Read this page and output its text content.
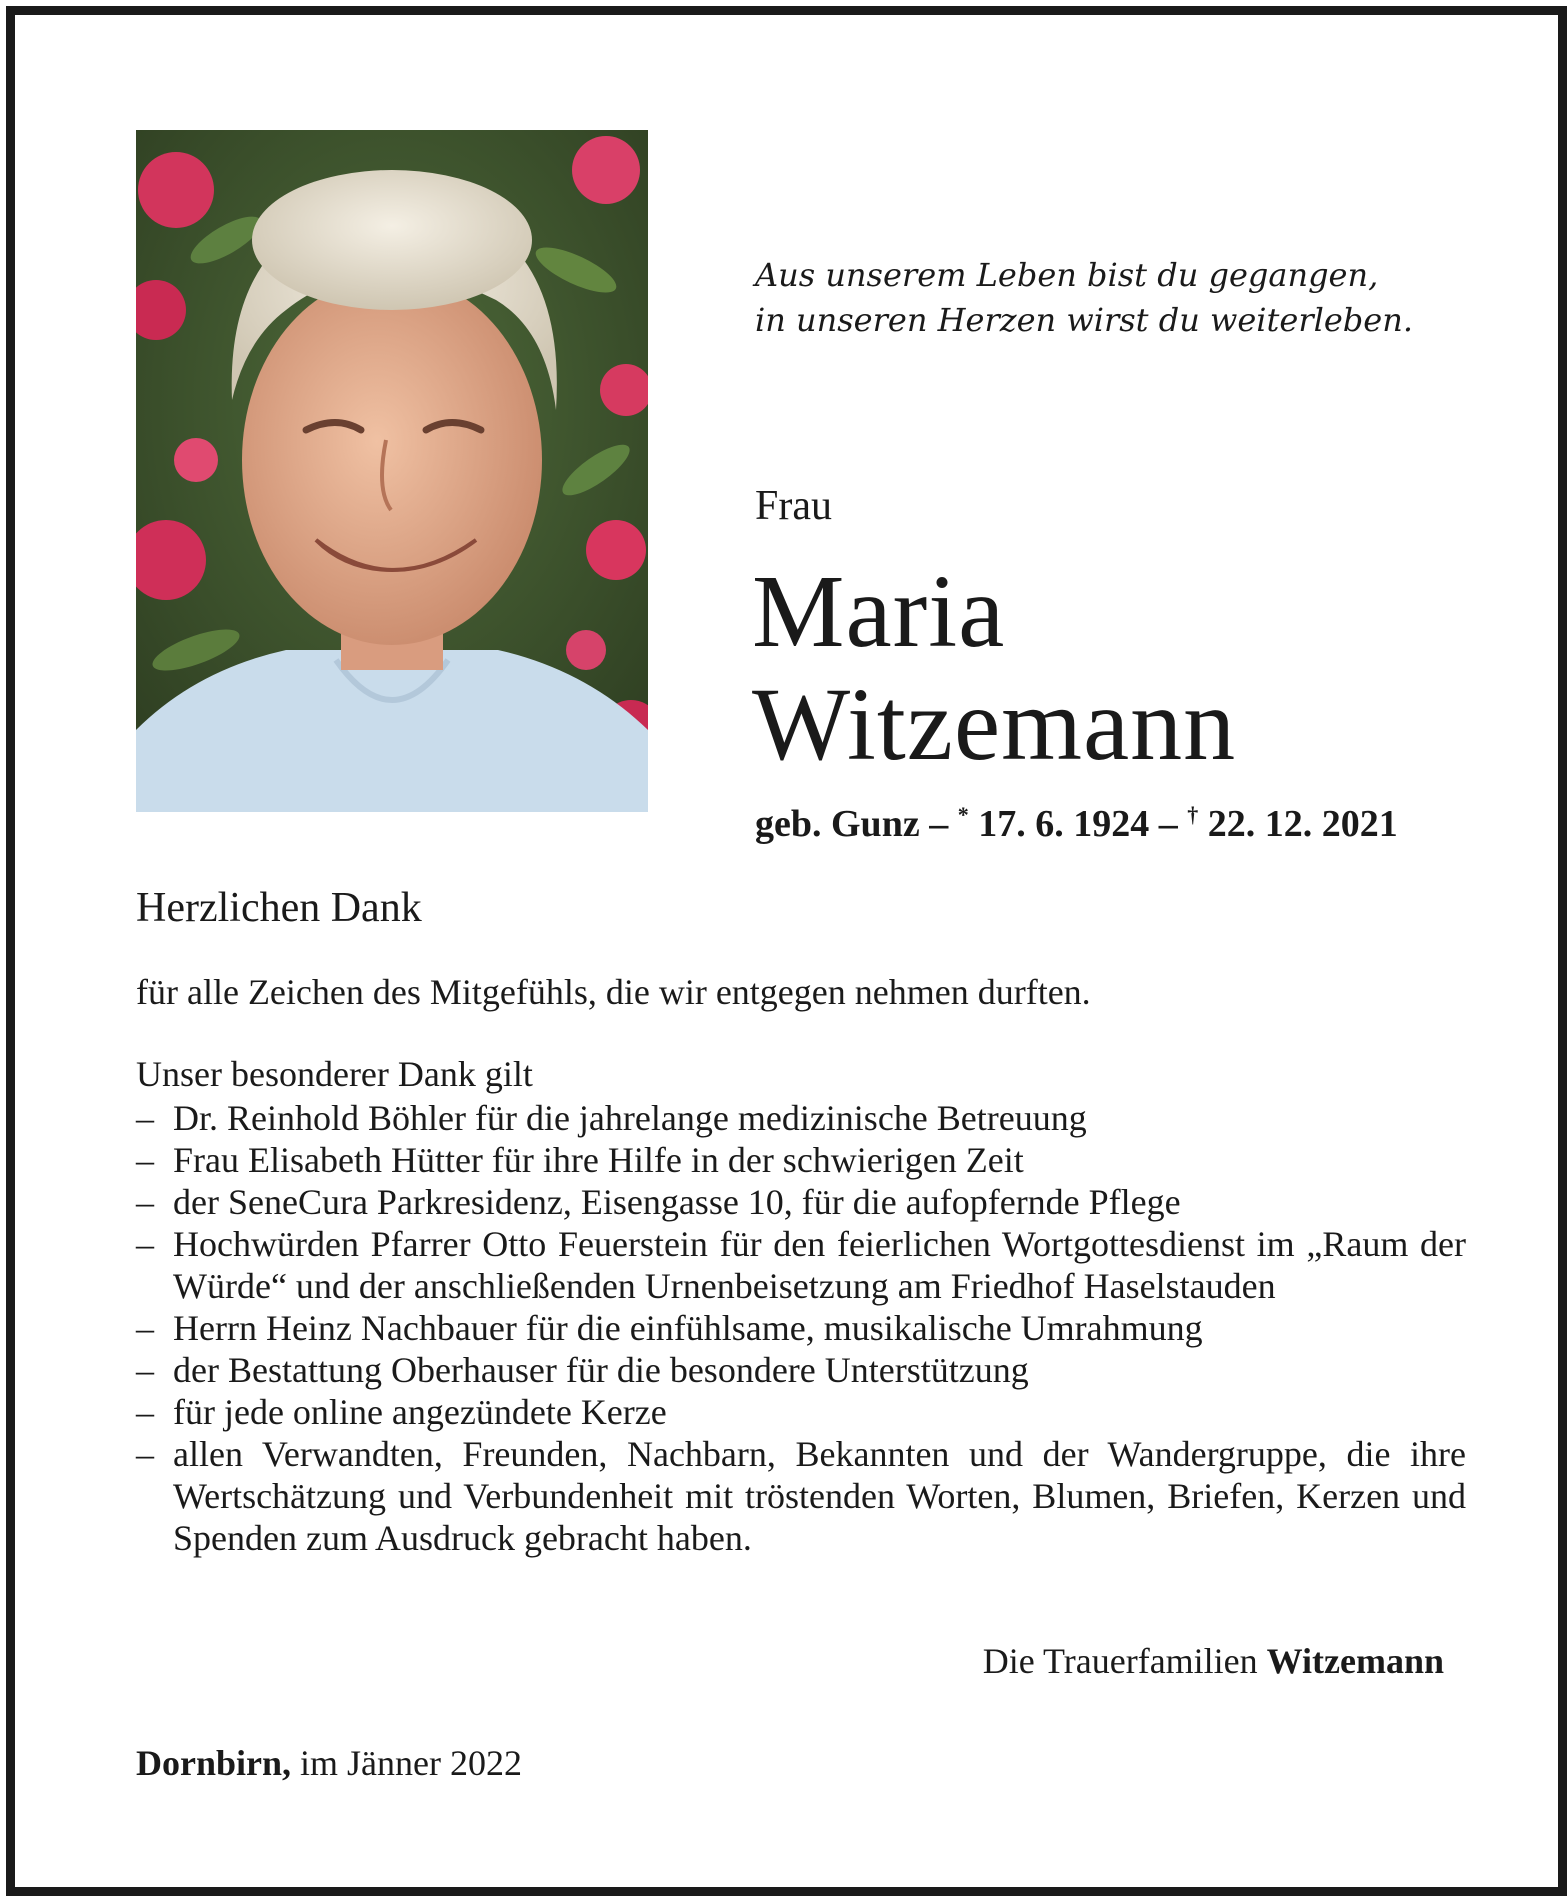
Aus unserem Leben bist du gegangen,
in unseren Herzen wirst du weiterleben.
Frau
Maria
Witzemann
geb. Gunz – * 17. 6. 1924 – † 22. 12. 2021
Herzlichen Dank
für alle Zeichen des Mitgefühls, die wir entgegen nehmen durften.
Unser besonderer Dank gilt
– Dr. Reinhold Böhler für die jahrelange medizinische Betreuung
– Frau Elisabeth Hütter für ihre Hilfe in der schwierigen Zeit
– der SeneCura Parkresidenz, Eisengasse 10, für die aufopfernde Pflege
– Hochwürden Pfarrer Otto Feuerstein für den feierlichen Wortgottesdienst im „Raum der Würde“ und der anschließenden Urnenbeisetzung am Friedhof Haselstauden
– Herrn Heinz Nachbauer für die einfühlsame, musikalische Umrahmung
– der Bestattung Oberhauser für die besondere Unterstützung
– für jede online angezündete Kerze
– allen Verwandten, Freunden, Nachbarn, Bekannten und der Wandergruppe, die ihre Wertschätzung und Verbundenheit mit tröstenden Worten, Blumen, Briefen, Kerzen und Spenden zum Ausdruck gebracht haben.
Die Trauerfamilien Witzemann
Dornbirn, im Jänner 2022
